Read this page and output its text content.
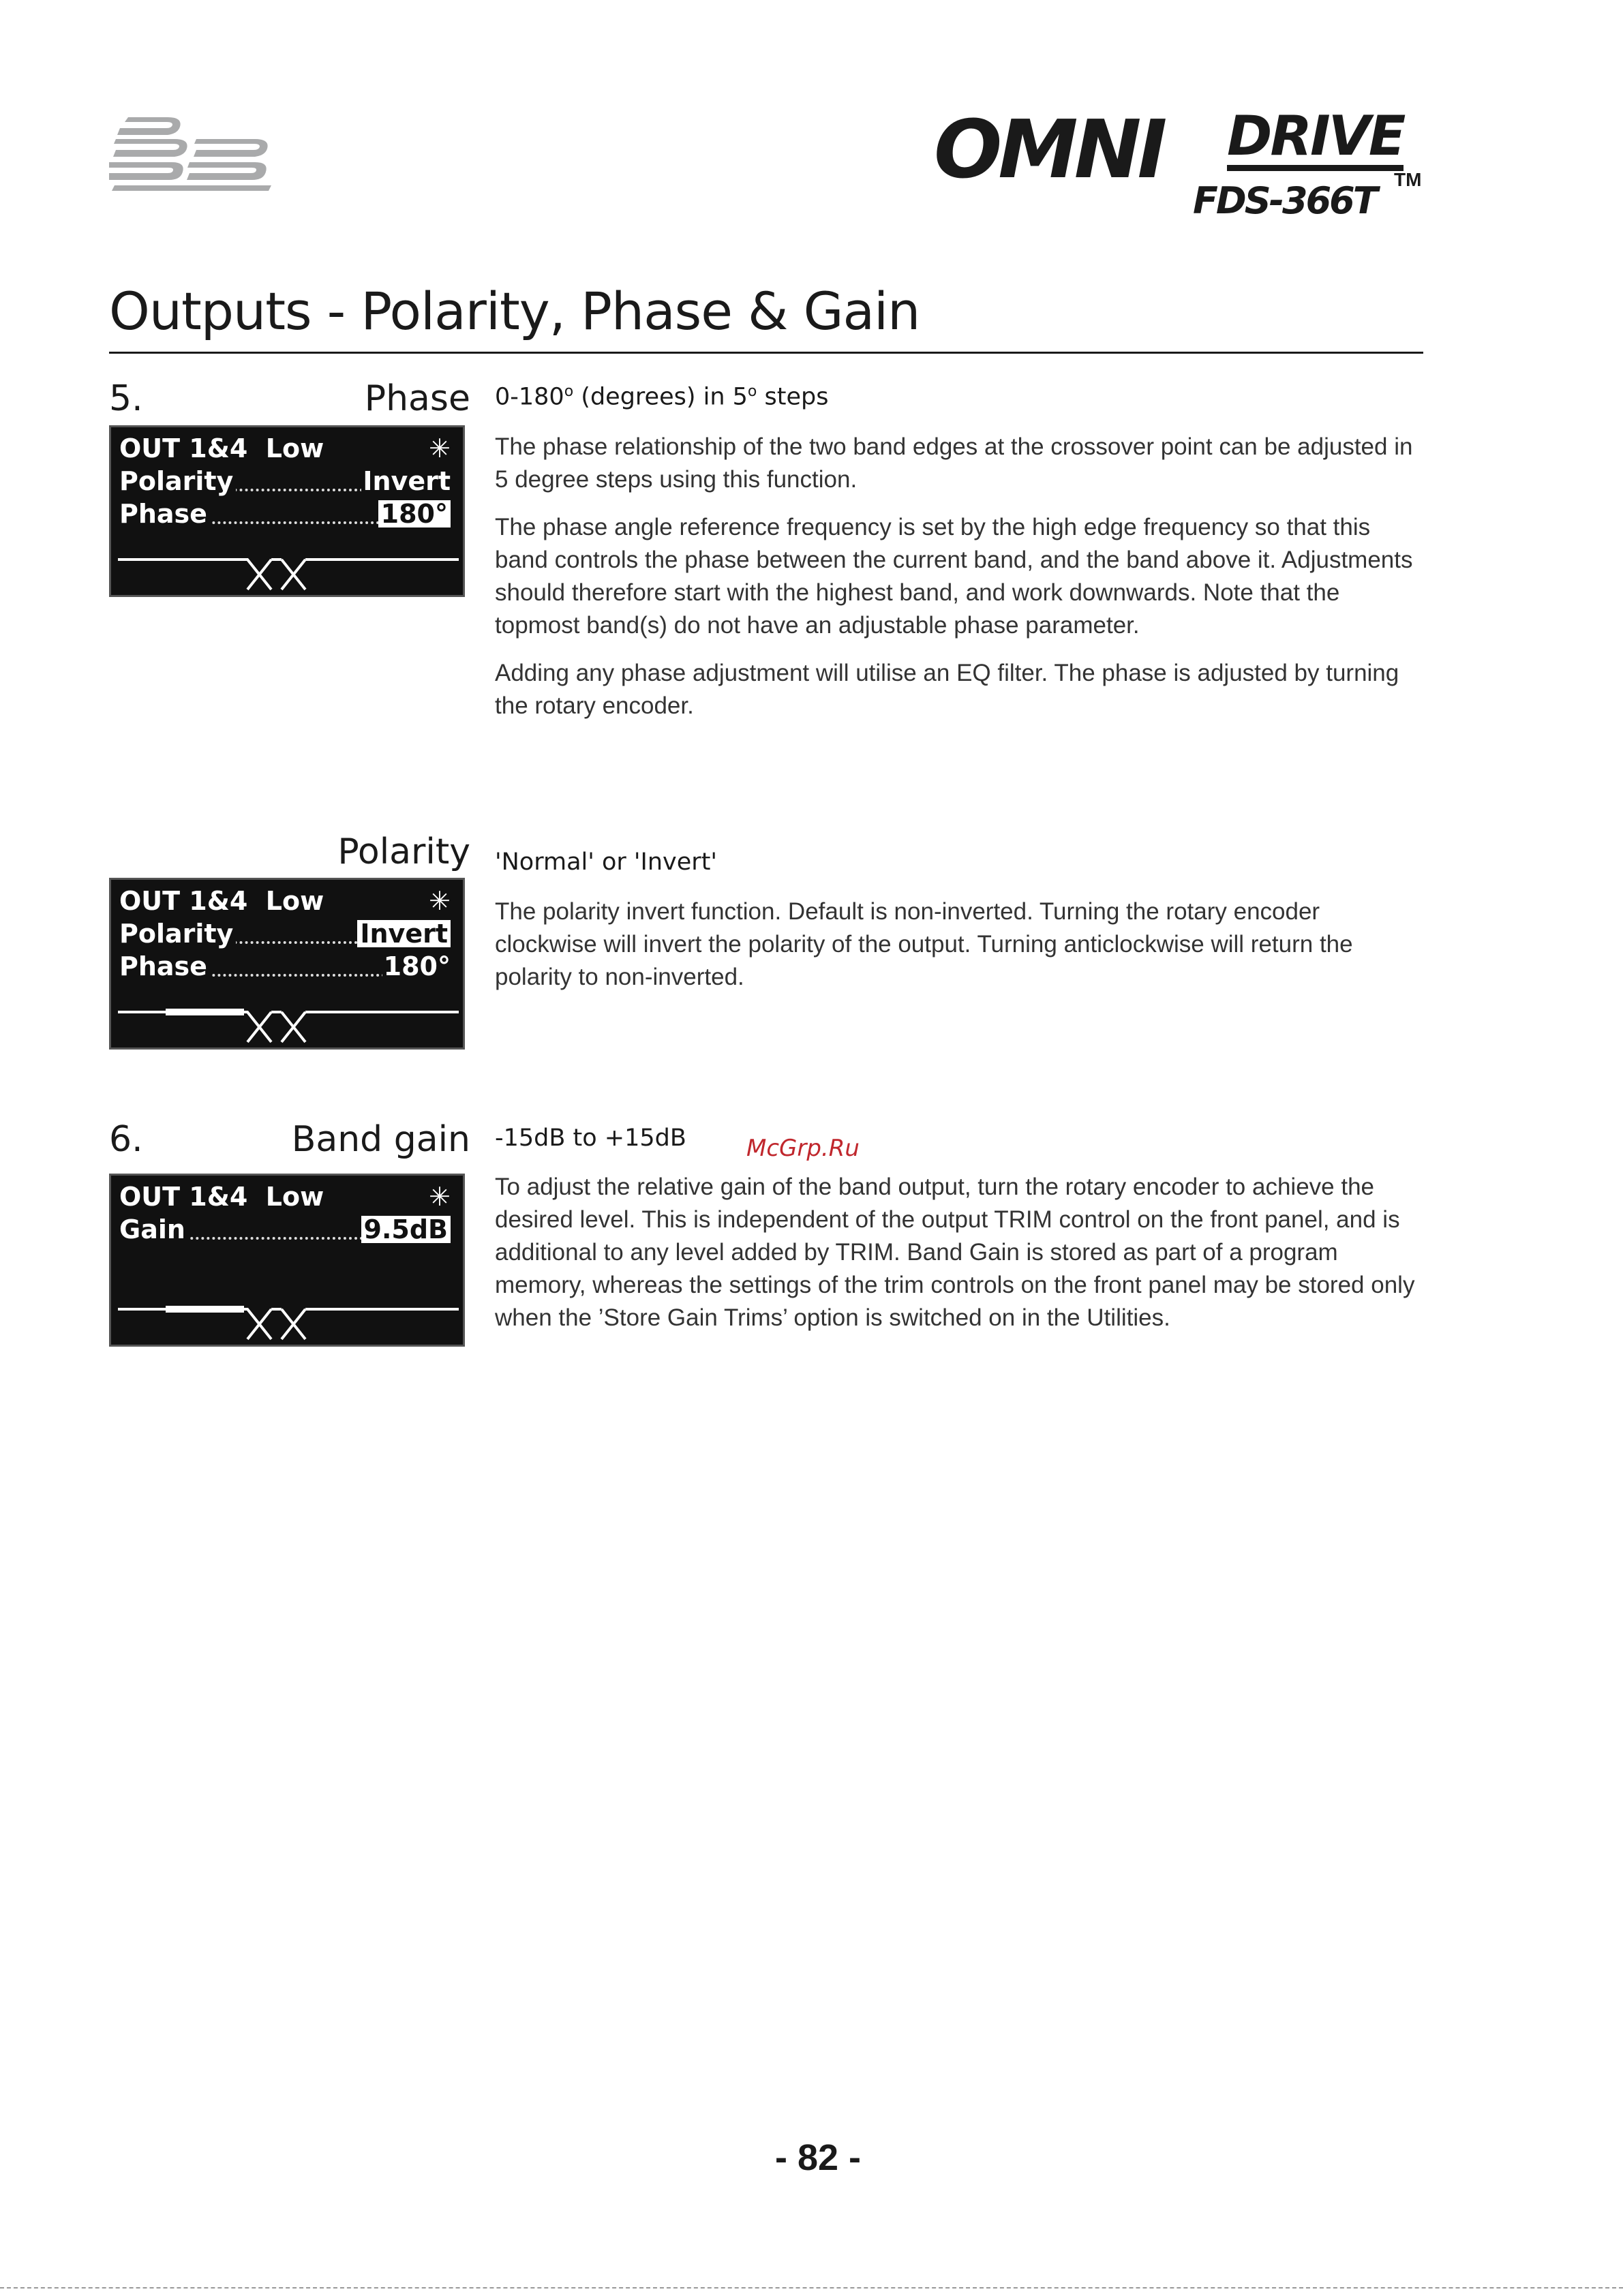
OMNI DRIVE
TM
FDS-366T
Outputs - Polarity, Phase & Gain
5.	Phase
OUT 1&4  Low	✳
Polarity	Invert
Phase	180°
0-180$^o$ (degrees) in 5$^o$ steps

The phase relationship of the two band edges at the crossover point can be adjusted in 5 degree steps using this function.

The phase angle reference frequency is set by the high edge frequency so that this band controls the phase between the current band, and the band above it. Adjustments should therefore start with the highest band, and work downwards. Note that the topmost band(s) do not have an adjustable phase parameter.

Adding any phase adjustment will utilise an EQ filter. The phase is adjusted by turning the rotary encoder.

Polarity
OUT 1&4  Low	✳
Polarity	Invert
Phase	180°
'Normal' or 'Invert'

The polarity invert function. Default is non-inverted. Turning the rotary encoder clockwise will invert the polarity of the output. Turning anticlockwise will return the polarity to non-inverted.

6.	Band gain
OUT 1&4  Low	✳
Gain	9.5dB
-15dB to +15dB	McGrp.Ru

To adjust the relative gain of the band output, turn the rotary encoder to achieve the desired level. This is independent of the output TRIM control on the front panel, and is additional to any level added by TRIM. Band Gain is stored as part of a program memory, whereas the settings of the trim controls on the front panel may be stored only when the ’Store Gain Trims’ option is switched on in the Utilities.

- 82 -
